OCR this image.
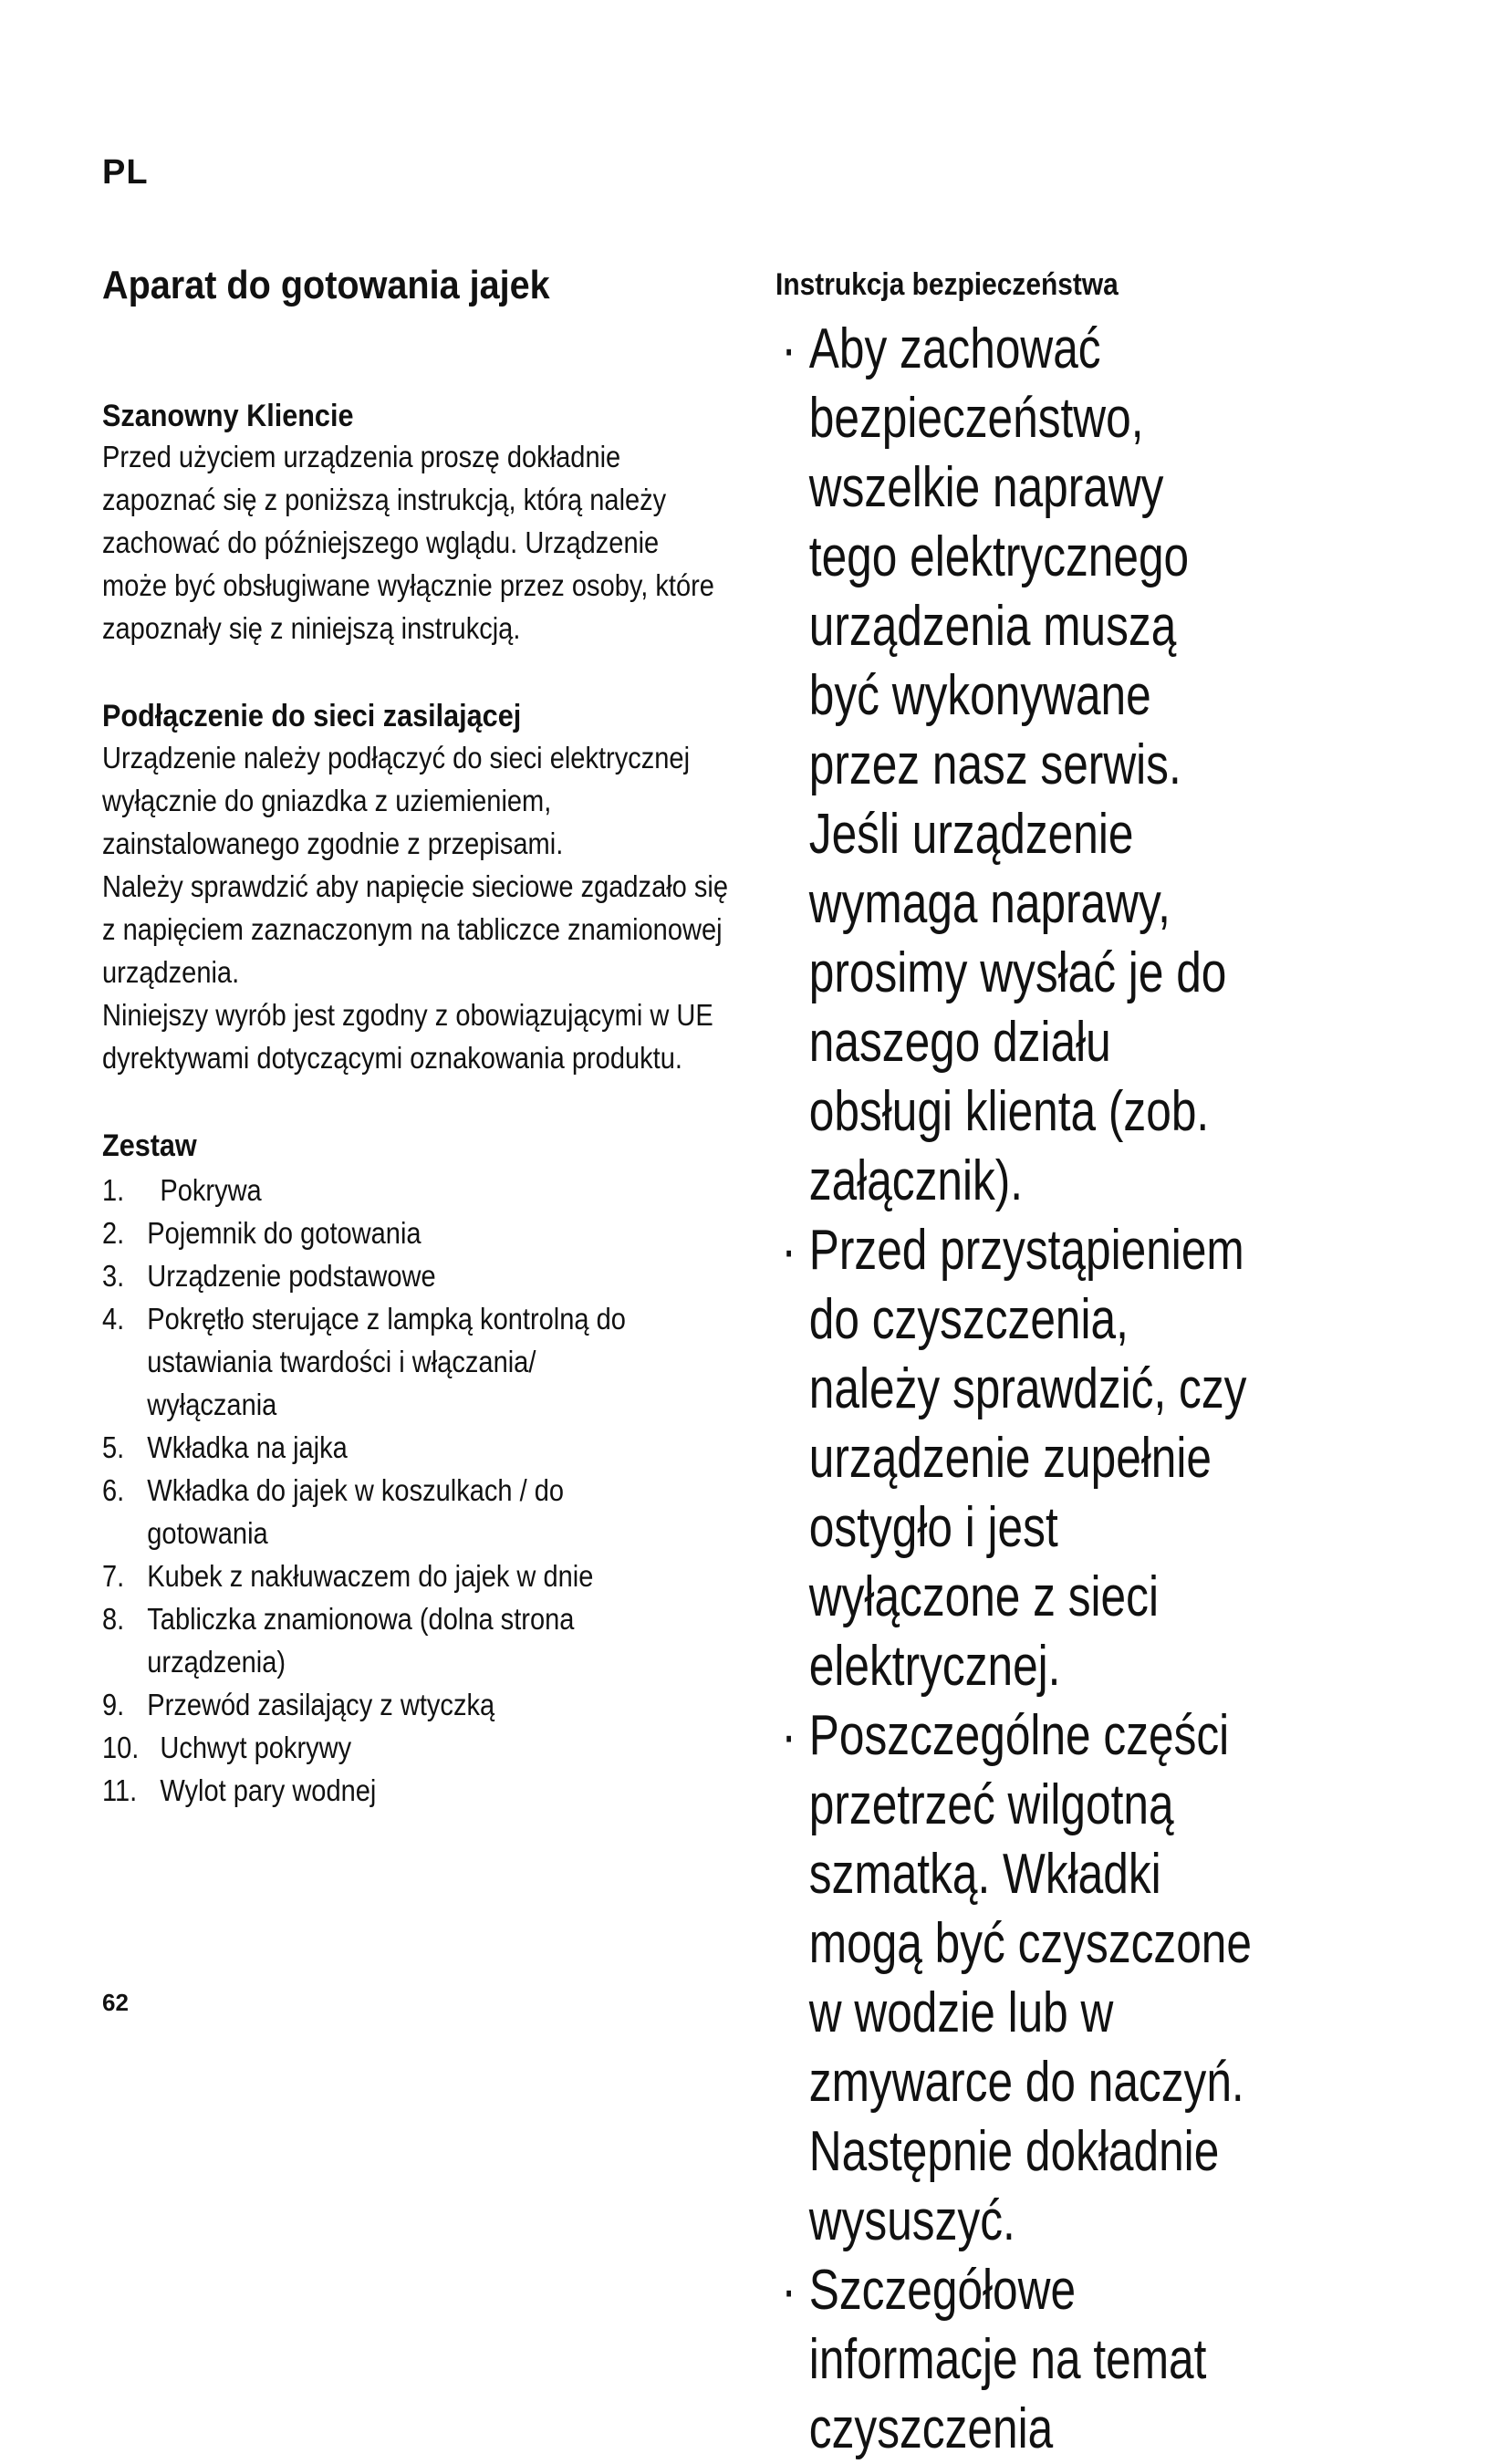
PL
Aparat do gotowania jajek
Szanowny Kliencie

Przed użyciem urządzenia proszę dokładnie zapoznać się z poniższą instrukcją, którą należy zachować do późniejszego wglądu. Urządzenie może być obsługiwane wyłącznie przez osoby, które zapoznały się z niniejszą instrukcją.

Podłączenie do sieci zasilającej

Urządzenie należy podłączyć do sieci elektrycznej wyłącznie do gniazdka z uziemieniem, zainstalowanego zgodnie z przepisami.

Należy sprawdzić aby napięcie sieciowe zgadzało się z napięciem zaznaczonym na tabliczce znamionowej urządzenia.

Niniejszy wyrób jest zgodny z obowiązującymi w UE dyrektywami dotyczącymi oznakowania produktu.

Zestaw
1.	Pokrywa
2. Pojemnik do gotowania
3. Urządzenie podstawowe
4. Pokrętło sterujące z lampką kontrolną do ustawiania twardości i włączania/ wyłączania
5. Wkładka na jajka
6. Wkładka do jajek w koszulkach / do gotowania
7. Kubek z nakłuwaczem do jajek w dnie
8. Tabliczka znamionowa (dolna strona urządzenia)
9. Przewód zasilający z wtyczką
10. Uchwyt pokrywy
11. Wylot pary wodnej
62
Instrukcja bezpieczeństwa
· Aby zachować bezpieczeństwo, wszelkie naprawy tego elektrycznego urządzenia muszą być wykonywane przez nasz serwis. Jeśli urządzenie wymaga naprawy, prosimy wysłać je do naszego działu obsługi klienta (zob. załącznik).
· Przed przystąpieniem do czyszczenia, należy sprawdzić, czy urządzenie zupełnie ostygło i jest wyłączone z sieci elektrycznej.
· Poszczególne części przetrzeć wilgotną szmatką. Wkładki mogą być czyszczone w wodzie lub w zmywarce do naczyń. Następnie dokładnie wysuszyć.
· Szczegółowe informacje na temat czyszczenia
